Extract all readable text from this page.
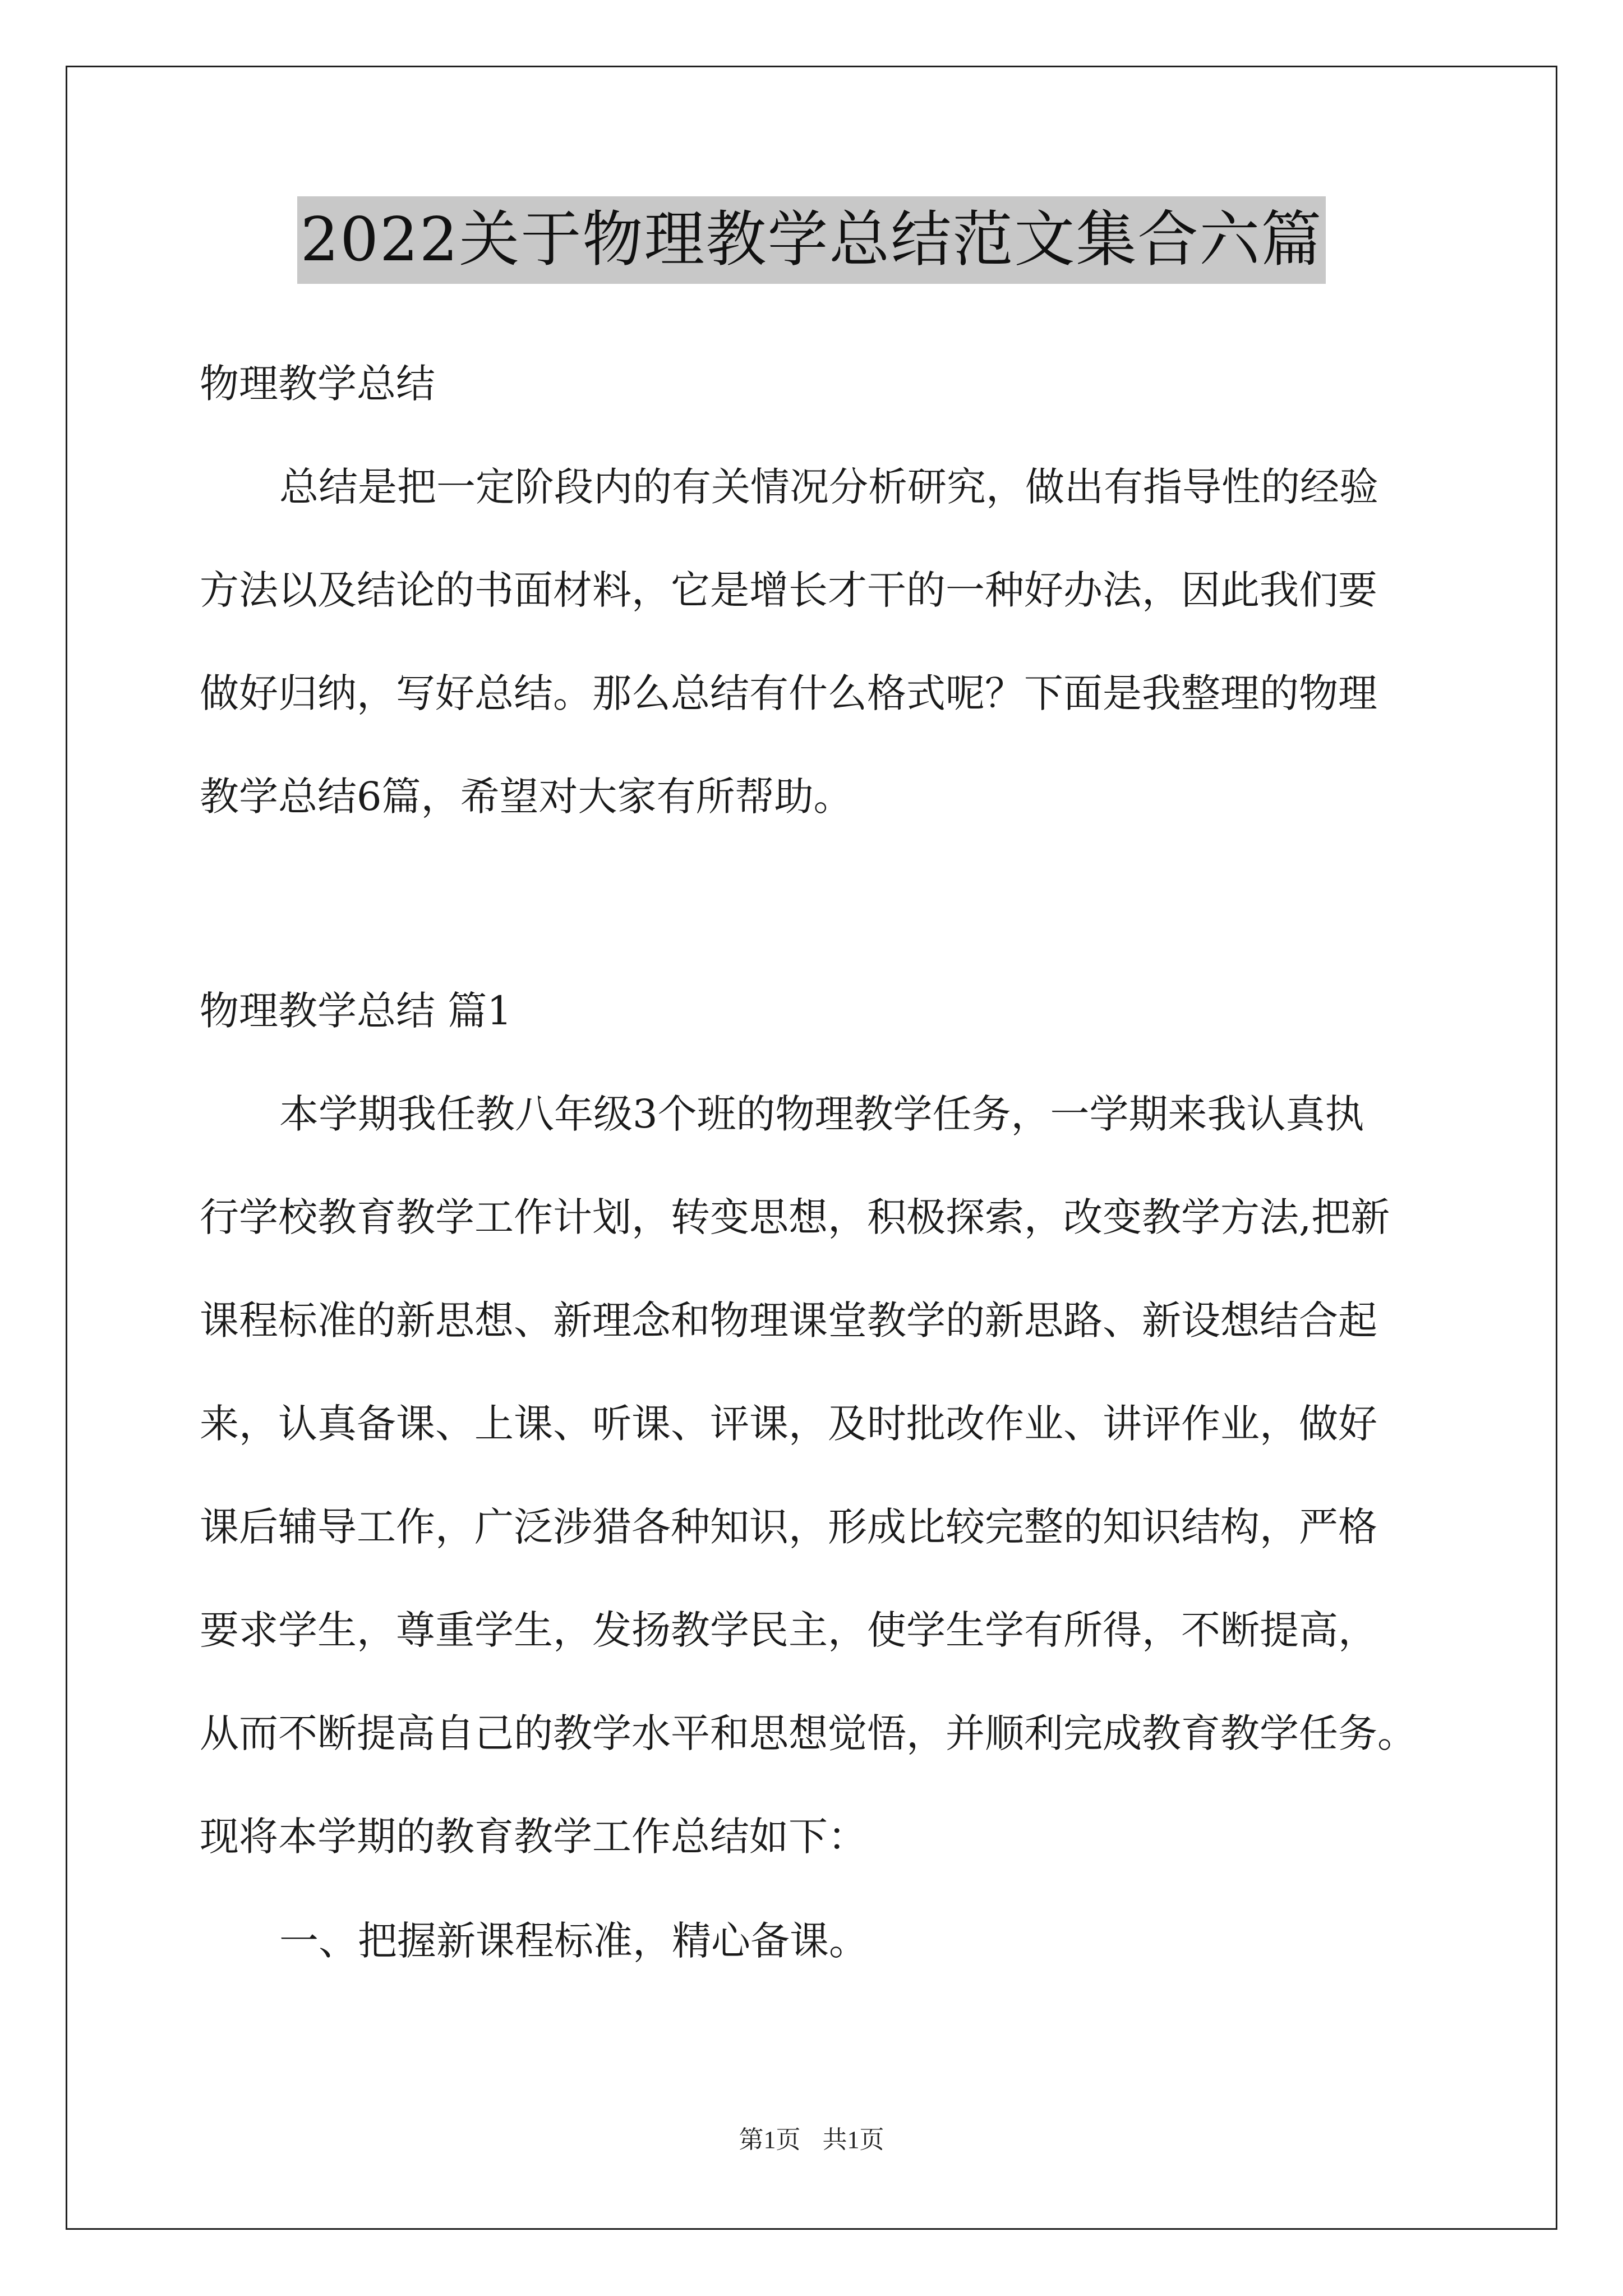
2022关于物理教学总结范文集合六篇
物理教学总结
总结是把一定阶段内的有关情况分析研究，做出有指导性的经验
方法以及结论的书面材料，它是增长才干的一种好办法，因此我们要
做好归纳，写好总结。那么总结有什么格式呢？下面是我整理的物理
教学总结6篇，希望对大家有所帮助。
物理教学总结 篇1
本学期我任教八年级3个班的物理教学任务，一学期来我认真执
行学校教育教学工作计划，转变思想，积极探索，改变教学方法,把新
课程标准的新思想、新理念和物理课堂教学的新思路、新设想结合起
来，认真备课、上课、听课、评课，及时批改作业、讲评作业，做好
课后辅导工作，广泛涉猎各种知识，形成比较完整的知识结构，严格
要求学生，尊重学生，发扬教学民主，使学生学有所得，不断提高，
从而不断提高自己的教学水平和思想觉悟，并顺利完成教育教学任务。
现将本学期的教育教学工作总结如下：
一、把握新课程标准，精心备课。
第1页 共1页
